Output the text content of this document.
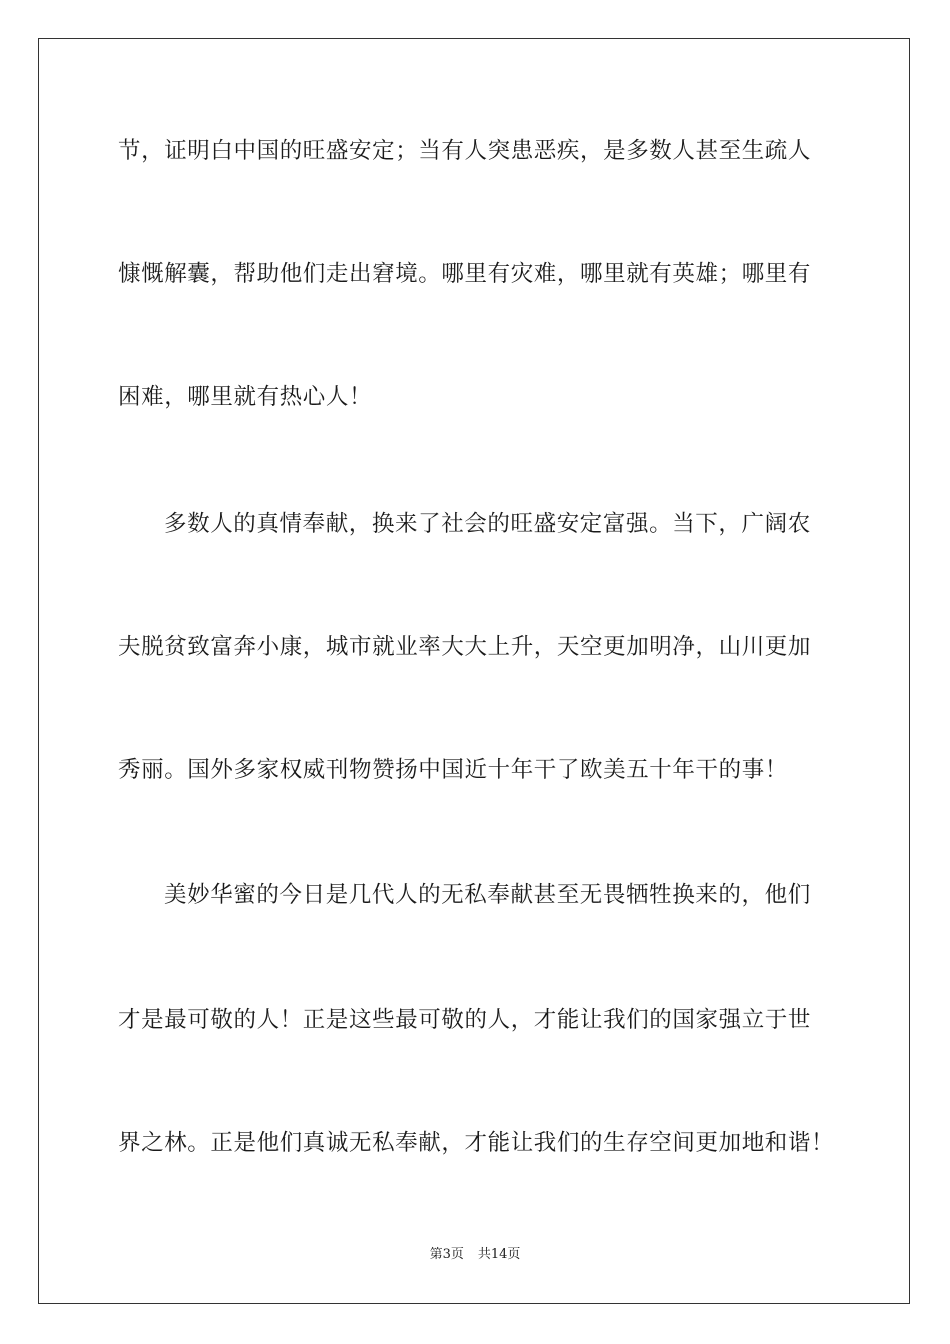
节，证明白中国的旺盛安定；当有人突患恶疾，是多数人甚至生疏人
慷慨解囊，帮助他们走出窘境。哪里有灾难，哪里就有英雄；哪里有
困难，哪里就有热心人！
多数人的真情奉献，换来了社会的旺盛安定富强。当下，广阔农
夫脱贫致富奔小康，城市就业率大大上升，天空更加明净，山川更加
秀丽。国外多家权威刊物赞扬中国近十年干了欧美五十年干的事！
美妙华蜜的今日是几代人的无私奉献甚至无畏牺牲换来的，他们
才是最可敬的人！正是这些最可敬的人，才能让我们的国家强立于世
界之林。正是他们真诚无私奉献，才能让我们的生存空间更加地和谐！
第3页 共14页
